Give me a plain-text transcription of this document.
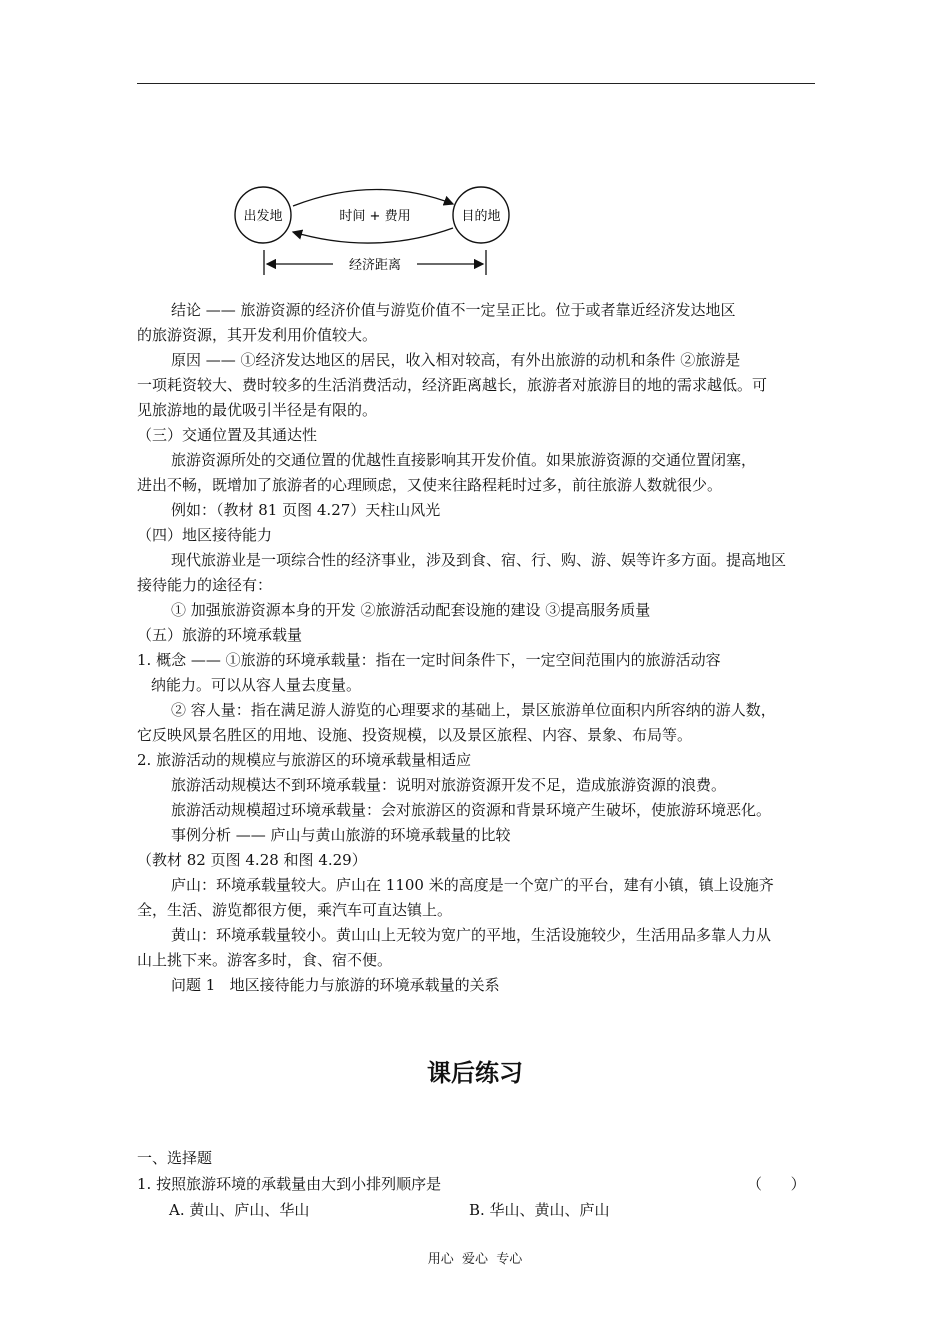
出发地	目的地
时间 + 费用
经济距离

结论 —— 旅游资源的经济价值与游览价值不一定呈正比。位于或者靠近经济发达地区

的旅游资源，其开发利用价值较大。

原因 —— ①经济发达地区的居民，收入相对较高，有外出旅游的动机和条件 ②旅游是

一项耗资较大、费时较多的生活消费活动，经济距离越长，旅游者对旅游目的地的需求越低。可

见旅游地的最优吸引半径是有限的。

（三）交通位置及其通达性

旅游资源所处的交通位置的优越性直接影响其开发价值。如果旅游资源的交通位置闭塞，

进出不畅，既增加了旅游者的心理顾虑，又使来往路程耗时过多，前往旅游人数就很少。

例如：（教材 81 页图 4.27）天柱山风光

（四）地区接待能力

现代旅游业是一项综合性的经济事业，涉及到食、宿、行、购、游、娱等许多方面。提高地区

接待能力的途径有：

① 加强旅游资源本身的开发 ②旅游活动配套设施的建设 ③提高服务质量

（五）旅游的环境承载量

1. 概念 —— ①旅游的环境承载量：指在一定时间条件下，一定空间范围内的旅游活动容

纳能力。可以从容人量去度量。

② 容人量：指在满足游人游览的心理要求的基础上，景区旅游单位面积内所容纳的游人数，

它反映风景名胜区的用地、设施、投资规模，以及景区旅程、内容、景象、布局等。

2. 旅游活动的规模应与旅游区的环境承载量相适应

旅游活动规模达不到环境承载量：说明对旅游资源开发不足，造成旅游资源的浪费。

旅游活动规模超过环境承载量：会对旅游区的资源和背景环境产生破坏，使旅游环境恶化。

事例分析 —— 庐山与黄山旅游的环境承载量的比较

（教材 82 页图 4.28 和图 4.29）

庐山：环境承载量较大。庐山在 1100 米的高度是一个宽广的平台，建有小镇，镇上设施齐

全，生活、游览都很方便，乘汽车可直达镇上。

黄山：环境承载量较小。黄山山上无较为宽广的平地，生活设施较少，生活用品多靠人力从

山上挑下来。游客多时，食、宿不便。

问题 1   地区接待能力与旅游的环境承载量的关系

课后练习

一、选择题

1. 按照旅游环境的承载量由大到小排列顺序是	（      ）

A. 黄山、庐山、华山	B. 华山、黄山、庐山

用心  爱心  专心
